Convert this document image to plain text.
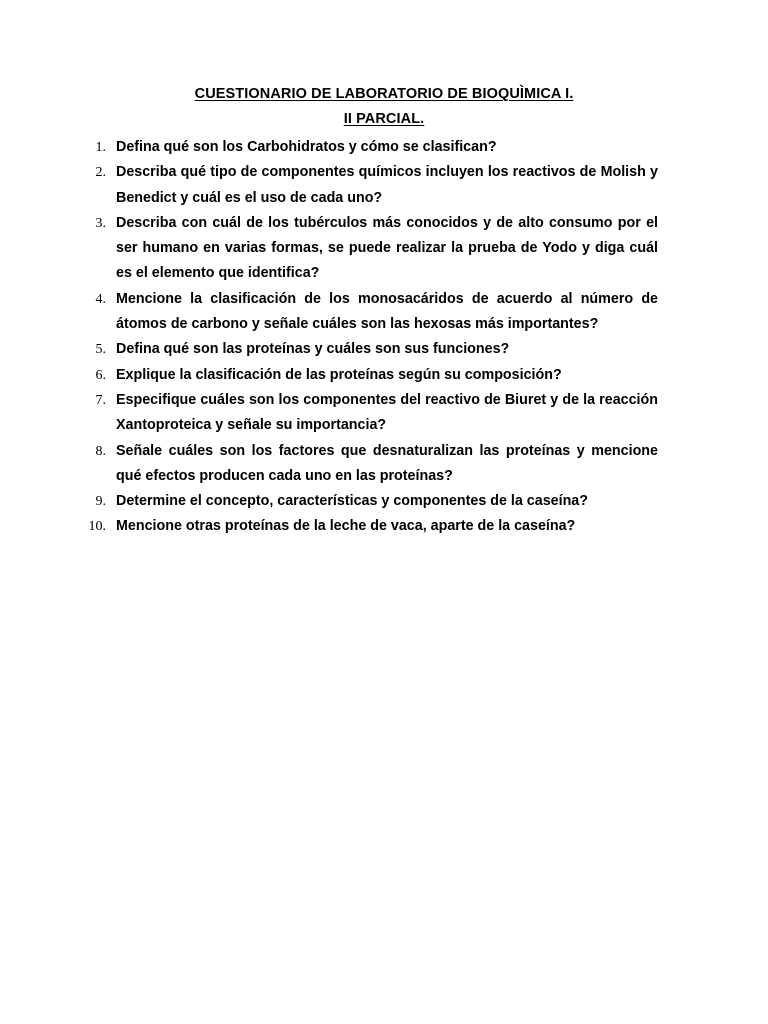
CUESTIONARIO DE LABORATORIO DE BIOQUÌMICA I.
II PARCIAL.
1. Defina qué son los Carbohidratos y cómo se clasifican?
2. Describa qué tipo de componentes químicos incluyen los reactivos de Molish y Benedict y cuál es el uso de cada uno?
3. Describa con cuál de los tubérculos más conocidos y de alto consumo por el ser humano en varias formas, se puede realizar la prueba de Yodo y diga cuál es el elemento que identifica?
4. Mencione la clasificación de los monosacáridos de acuerdo al número de átomos de carbono y señale cuáles son las hexosas más importantes?
5. Defina qué son las proteínas y cuáles son sus funciones?
6. Explique la clasificación de las proteínas según su composición?
7. Especifique cuáles son los componentes del reactivo de Biuret y de la reacción Xantoproteica y señale su importancia?
8. Señale cuáles son los factores que desnaturalizan las proteínas y mencione qué efectos producen cada uno en las proteínas?
9. Determine el concepto, características y componentes de la caseína?
10. Mencione otras proteínas de la leche de vaca, aparte de la caseína?
